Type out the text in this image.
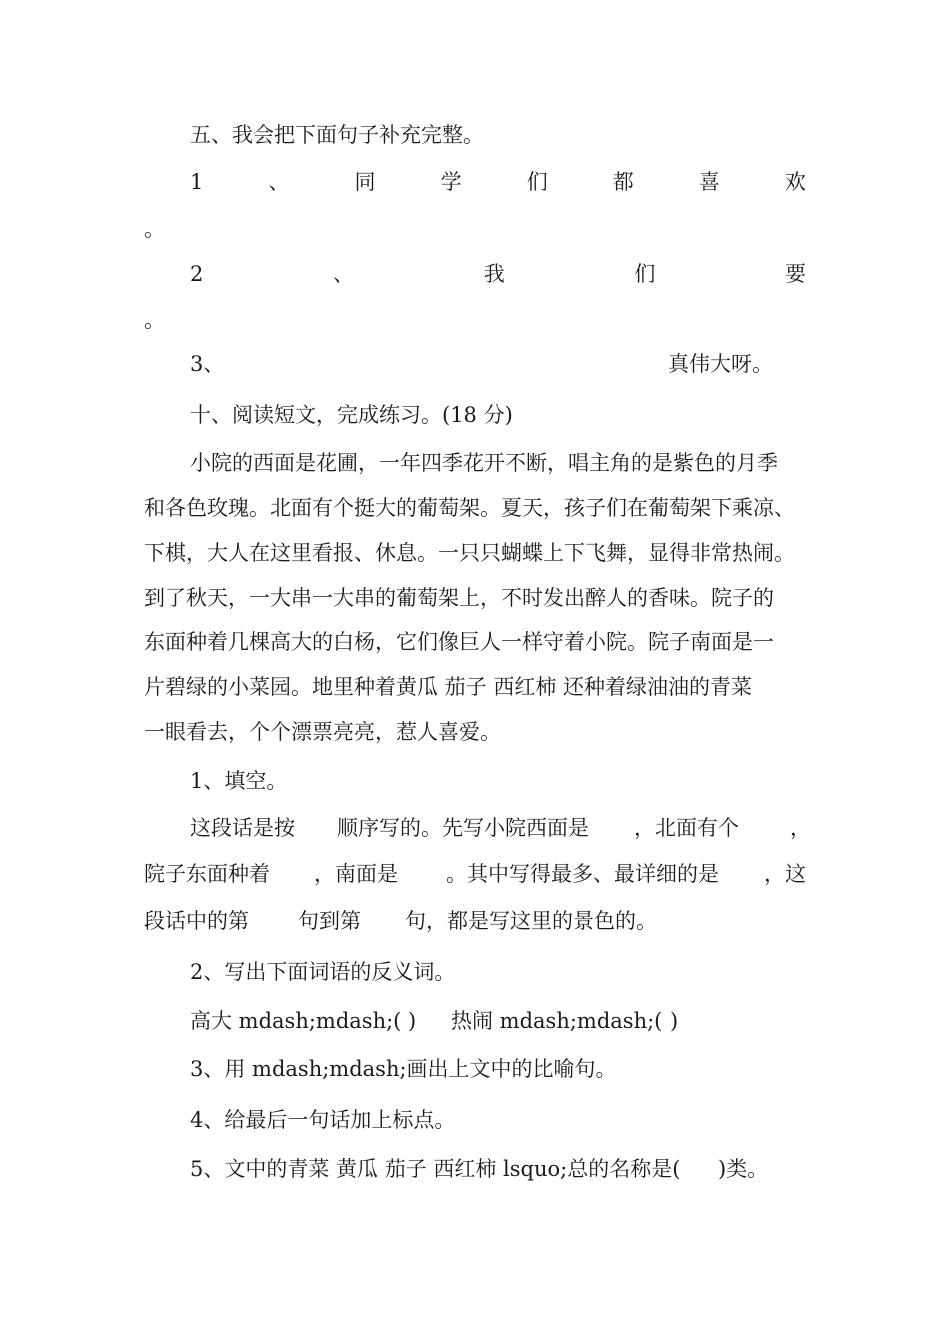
五、我会把下面句子补充完整。
1	、	同	学	们	都	喜	欢
。
2	、	我	们	要
。
3、	真伟大呀。
十、阅读短文，完成练习。(18 分)
小院的西面是花圃，一年四季花开不断，唱主角的是紫色的月季
和各色玫瑰。北面有个挺大的葡萄架。夏天，孩子们在葡萄架下乘凉、
下棋，大人在这里看报、休息。一只只蝴蝶上下飞舞，显得非常热闹。
到了秋天，一大串一大串的葡萄架上，不时发出醉人的香味。院子的
东面种着几棵高大的白杨，它们像巨人一样守着小院。院子南面是一
片碧绿的小菜园。地里种着黄瓜 茄子 西红柿 还种着绿油油的青菜
一眼看去，个个漂票亮亮，惹人喜爱。
1、填空。
这段话是按 顺序写的。先写小院西面是 ，北面有个 ，
院子东面种着 ，南面是 。其中写得最多、最详细的是 ，这
段话中的第 句到第 句，都是写这里的景色的。
2、写出下面词语的反义词。
高大 mdash;mdash;( ) 热闹 mdash;mdash;( )
3、用 mdash;mdash;画出上文中的比喻句。
4、给最后一句话加上标点。
5、文中的青菜 黄瓜 茄子 西红柿 lsquo;总的名称是( )类。
